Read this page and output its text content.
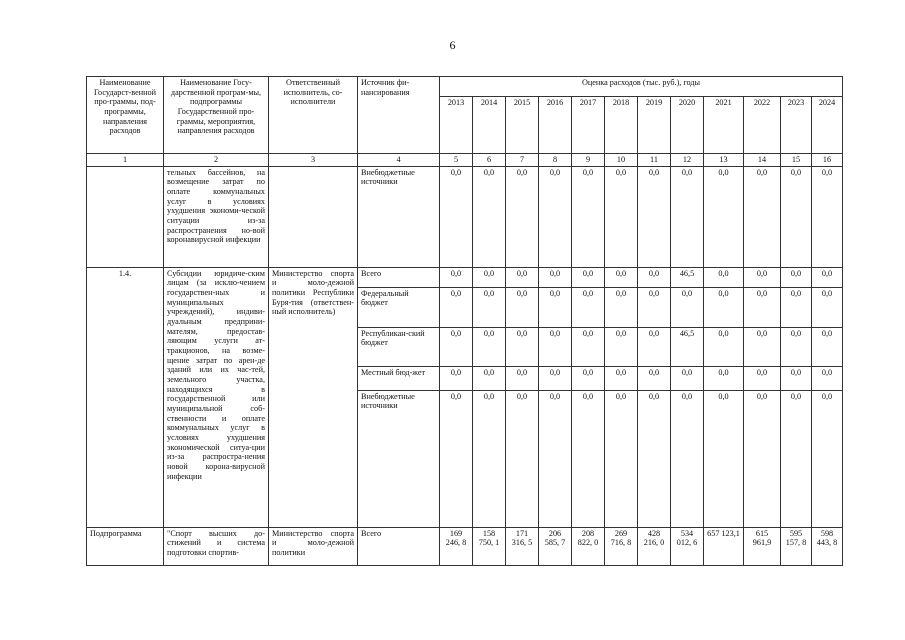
6
Наименование Государст-венной про-граммы, под-программы, направления расходов	Наименование Госу-дарственной програм-мы, подпрограммы Государственной про-граммы, мероприятия, направления расходов	Ответственный исполнитель, со-исполнители	Источник фи-нансирования	Оценка расходов (тыс. руб.), годы											
				2013	2014	2015	2016	2017	2018	2019	2020	2021	2022	2023	2024
1	2	3	4	5	6	7	8	9	10	11	12	13	14	15	16
	тельных бассейнов, на возмещение затрат по оплате коммунальных услуг в условиях ухудшения экономи-ческой ситуации из-за распространения но-вой коронавирусной инфекции		Внебюджетные источники	0,0	0,0	0,0	0,0	0,0	0,0	0,0	0,0	0,0	0,0	0,0	0,0
1.4.	Субсидии юридиче-ским лицам (за исклю-чением государствен-ных и муниципальных учреждений), индиви-дуальным предприни-мателям, предостав-ляющим услуги ат-тракционов, на возме-щение затрат по арен-де зданий или их час-тей, земельного участка, находящихся в государственной или муниципальной соб-ственности и оплате коммунальных услуг в условиях ухудшения экономической ситуа-ции из-за распростра-нения новой корона-вирусной инфекции	Министерство спорта и моло-дежной политики Республики Буря-тия (ответствен-ный исполнитель)	Всего	0,0	0,0	0,0	0,0	0,0	0,0	0,0	46,5	0,0	0,0	0,0	0,0
			Федеральный бюджет	0,0	0,0	0,0	0,0	0,0	0,0	0,0	0,0	0,0	0,0	0,0	0,0
			Республикан-ский бюджет	0,0	0,0	0,0	0,0	0,0	0,0	0,0	46,5	0,0	0,0	0,0	0,0
			Местный бюд-жет	0,0	0,0	0,0	0,0	0,0	0,0	0,0	0,0	0,0	0,0	0,0	0,0
			Внебюджетные источники	0,0	0,0	0,0	0,0	0,0	0,0	0,0	0,0	0,0	0,0	0,0	0,0
Подпрограмма	"Спорт высших до-стижений и система подготовки спортив-	Министерство спорта и моло-дежной политики	Всего	169 246, 8	158 750, 1	171 316, 5	206 585, 7	208 822, 0	269 716, 8	428 216, 0	534 012, 6	657 123,1	615 961,9	595 157, 8	598 443, 8
